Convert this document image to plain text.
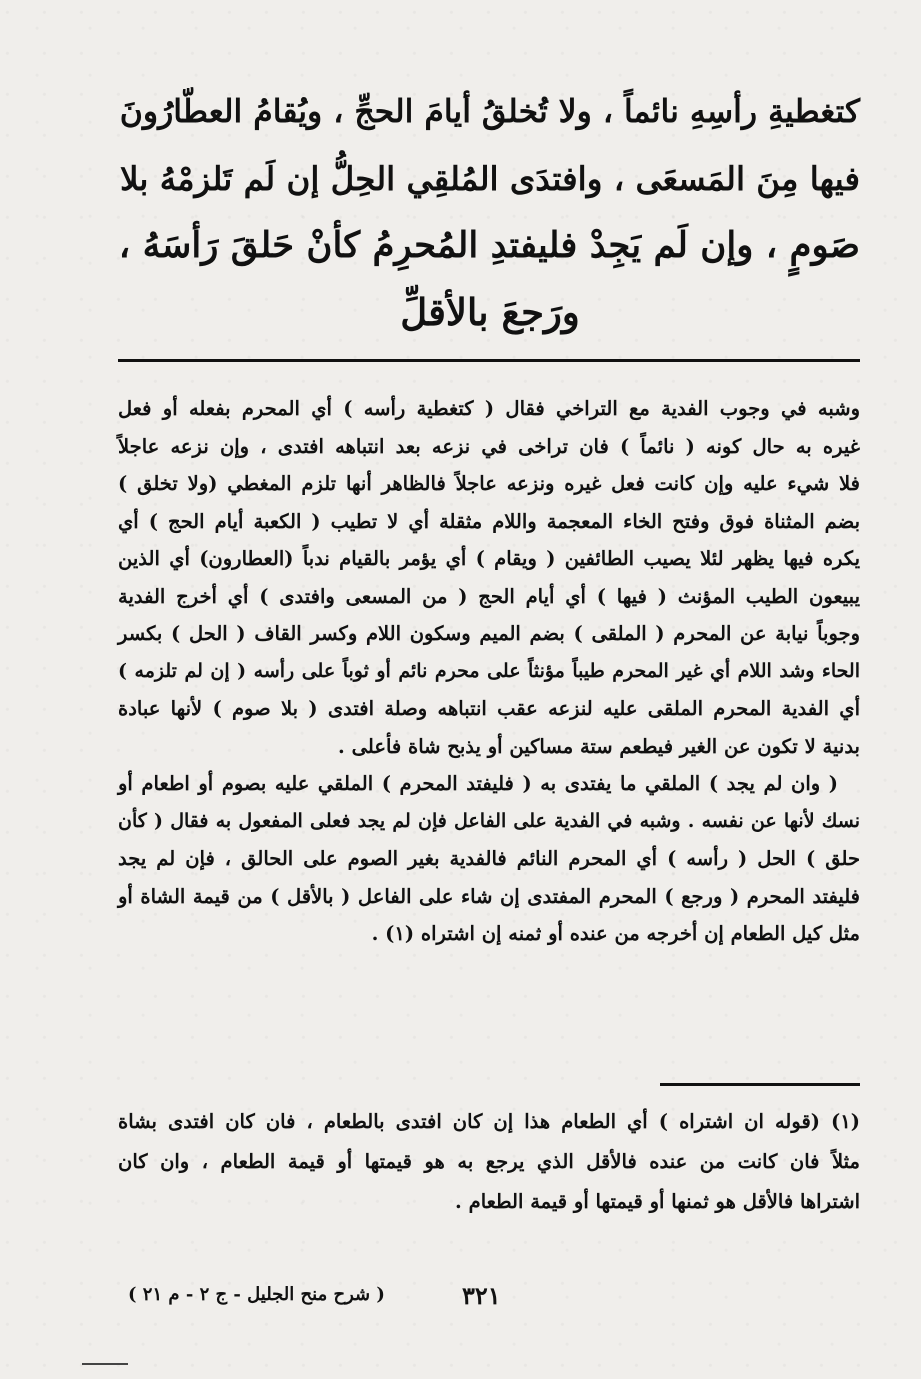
كتغطيةِ رأسِهِ نائماً ، ولا تُخلقُ أيامَ الحجِّ ، ويُقامُ العطّارُونَ
فيها مِنَ المَسعَى ، وافتدَى المُلقِي الحِلُّ إن لَم تَلزمْهُ بلا
صَومٍ ، وإن لَم يَجِدْ فليفتدِ المُحرِمُ كأنْ حَلقَ رَأسَهُ ،
ورَجعَ بالأقلِّ
وشبه في وجوب الفدية مع التراخي فقال ( كتغطية رأسه ) أي المحرم بفعله أو فعل
غيره به حال كونه ( نائماً ) فان تراخى في نزعه بعد انتباهه افتدى ، وإن نزعه عاجلاً
فلا شيء عليه وإن كانت فعل غيره ونزعه عاجلاً فالظاهر أنها تلزم المغطي (ولا تخلق )
بضم المثناة فوق وفتح الخاء المعجمة واللام مثقلة أي لا تطيب ( الكعبة أيام الحج ) أي
يكره فيها يظهر لئلا يصيب الطائفين ( ويقام ) أي يؤمر بالقيام ندباً (العطارون) أي الذين
يبيعون الطيب المؤنث ( فيها ) أي أيام الحج ( من المسعى وافتدى ) أي أخرج الفدية
وجوباً نيابة عن المحرم ( الملقى ) بضم الميم وسكون اللام وكسر القاف ( الحل ) بكسر
الحاء وشد اللام أي غير المحرم طيباً مؤنثاً على محرم نائم أو ثوباً على رأسه ( إن لم تلزمه )
أي الفدية المحرم الملقى عليه لنزعه عقب انتباهه وصلة افتدى ( بلا صوم ) لأنها عبادة
بدنية لا تكون عن الغير فيطعم ستة مساكين أو يذبح شاة فأعلى .
( وان لم يجد ) الملقي ما يفتدى به ( فليفتد المحرم ) الملقي عليه بصوم أو اطعام أو
نسك لأنها عن نفسه . وشبه في الفدية على الفاعل فإن لم يجد فعلى المفعول به فقال ( كأن
حلق ) الحل ( رأسه ) أي المحرم النائم فالفدية بغير الصوم على الحالق ، فإن لم يجد
فليفتد المحرم ( ورجع ) المحرم المفتدى إن شاء على الفاعل ( بالأقل ) من قيمة الشاة أو
مثل كيل الطعام إن أخرجه من عنده أو ثمنه إن اشتراه (١) .
(١) (قوله ان اشتراه ) أي الطعام هذا إن كان افتدى بالطعام ، فان كان افتدى بشاة
مثلاً فان كانت من عنده فالأقل الذي يرجع به هو قيمتها أو قيمة الطعام ، وان كان
اشتراها فالأقل هو ثمنها أو قيمتها أو قيمة الطعام .
٣٢١
( شرح منح الجليل - ج ٢ - م ٢١ )
